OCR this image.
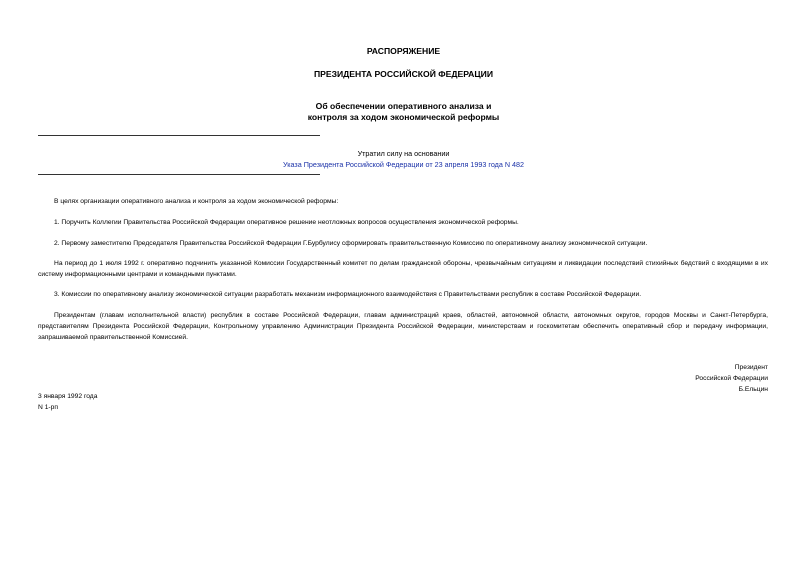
РАСПОРЯЖЕНИЕ
ПРЕЗИДЕНТА РОССИЙСКОЙ ФЕДЕРАЦИИ
Об обеспечении оперативного анализа и
контроля за ходом экономической реформы
Утратил силу на основании
Указа Президента Российской Федерации от 23 апреля 1993 года N 482
В целях организации оперативного анализа и контроля за ходом экономической реформы:
1. Поручить Коллегии Правительства Российской Федерации оперативное решение неотложных вопросов осуществления экономической реформы.
2. Первому заместителю Председателя Правительства Российской Федерации Г.Бурбулису сформировать правительственную Комиссию по оперативному анализу экономической ситуации.
На период до 1 июля 1992 г. оперативно подчинить указанной Комиссии Государственный комитет по делам гражданской обороны, чрезвычайным ситуациям и ликвидации последствий стихийных бедствий с входящими в их систему информационными центрами и командными пунктами.
3. Комиссии по оперативному анализу экономической ситуации разработать механизм информационного взаимодействия с Правительствами республик в составе Российской Федерации.
Президентам (главам исполнительной власти) республик в составе Российской Федерации, главам администраций краев, областей, автономной области, автономных округов, городов Москвы и Санкт-Петербурга, представителям Президента Российской Федерации, Контрольному управлению Администрации Президента Российской Федерации, министерствам и госкомитетам обеспечить оперативный сбор и передачу информации, запрашиваемой правительственной Комиссией.
Президент
Российской Федерации
Б.Ельцин
3 января 1992 года
N 1-рп
